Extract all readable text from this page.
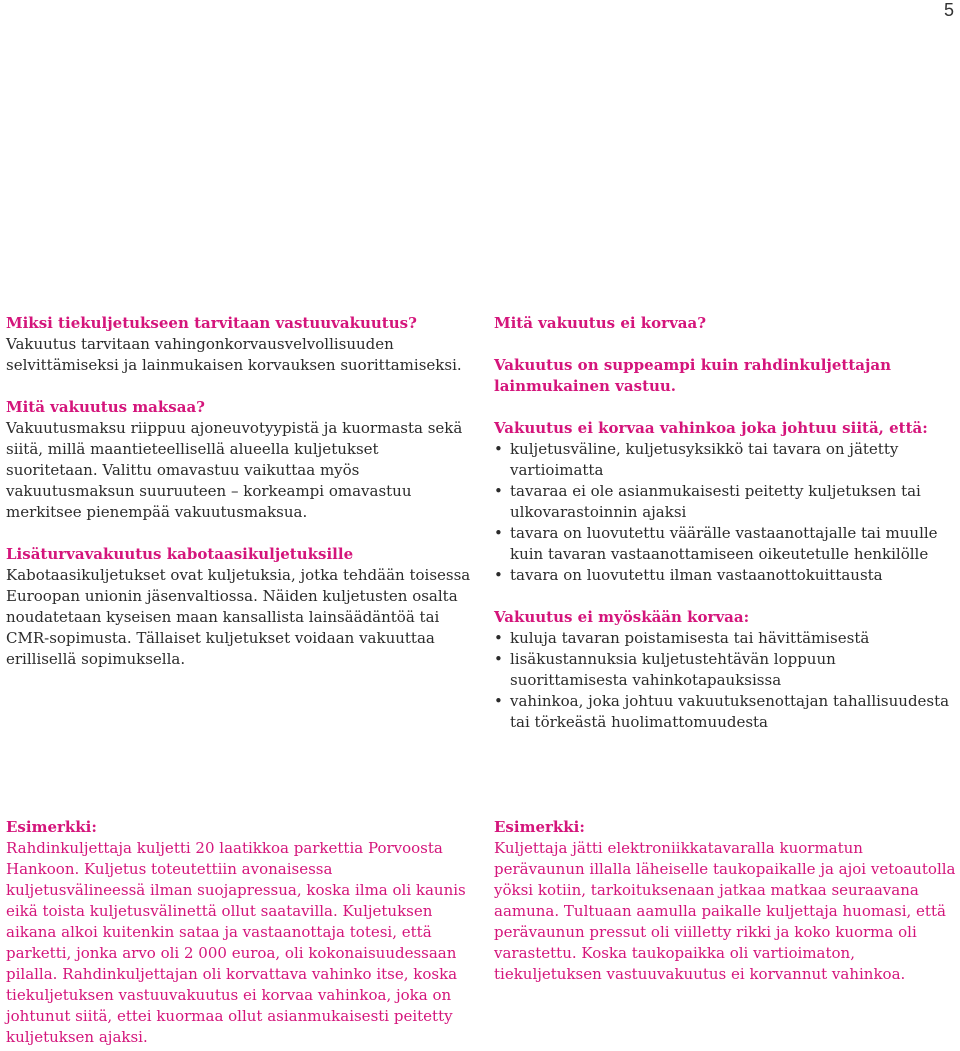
5
Miksi tiekuljetukseen tarvitaan vastuuvakuutus?

Vakuutus tarvitaan vahingonkorvausvelvollisuuden selvittämiseksi ja lainmukaisen korvauksen suorittamiseksi.

Mitä vakuutus maksaa?

Vakuutusmaksu riippuu ajoneuvotyypistä ja kuormasta sekä siitä, millä maantieteellisellä alueella kuljetukset suoritetaan. Valittu omavastuu vaikuttaa myös vakuutusmaksun suuruuteen – korkeampi omavastuu merkitsee pienempää vakuutusmaksua.

Lisäturvavakuutus kabotaasikuljetuksille

Kabotaasikuljetukset ovat kuljetuksia, jotka tehdään toisessa Euroopan unionin jäsenvaltiossa. Näiden kuljetusten osalta noudatetaan kyseisen maan kansallista lainsäädäntöä tai CMR-sopimusta. Tällaiset kuljetukset voidaan vakuuttaa erillisellä sopimuksella.

Mitä vakuutus ei korvaa?
Vakuutus on suppeampi kuin rahdinkuljettajan lainmukainen vastuu.
Vakuutus ei korvaa vahinkoa joka johtuu siitä, että:
• kuljetusväline, kuljetusyksikkö tai tavara on jätetty vartioimatta
• tavaraa ei ole asianmukaisesti peitetty kuljetuksen tai ulkovarastoinnin ajaksi
• tavara on luovutettu väärälle vastaanottajalle tai muulle kuin tavaran vastaanottamiseen oikeutetulle henkilölle
• tavara on luovutettu ilman vastaanottokuittausta
Vakuutus ei myöskään korvaa:
• kuluja tavaran poistamisesta tai hävittämisestä
• lisäkustannuksia kuljetustehtävän loppuun suorittamisesta vahinkotapauksissa
• vahinkoa, joka johtuu vakuutuksenottajan tahallisuudesta tai törkeästä huolimattomuudesta
Esimerkki:

Rahdinkuljettaja kuljetti 20 laatikkoa parkettia Porvoosta Hankoon. Kuljetus toteutettiin avonaisessa kuljetusvälineessä ilman suojapressua, koska ilma oli kaunis eikä toista kuljetusvälinettä ollut saatavilla. Kuljetuksen aikana alkoi kuitenkin sataa ja vastaanottaja totesi, että parketti, jonka arvo oli 2 000 euroa, oli kokonaisuudessaan pilalla. Rahdinkuljettajan oli korvattava vahinko itse, koska tiekuljetuksen vastuuvakuutus ei korvaa vahinkoa, joka on johtunut siitä, ettei kuormaa ollut asianmukaisesti peitetty kuljetuksen ajaksi.

Esimerkki:

Kuljettaja jätti elektroniikkatavaralla kuormatun perävaunun illalla läheiselle taukopaikalle ja ajoi vetoautolla yöksi kotiin, tarkoituksenaan jatkaa matkaa seuraavana aamuna. Tultuaan aamulla paikalle kuljettaja huomasi, että perävaunun pressut oli viilletty rikki ja koko kuorma oli varastettu. Koska taukopaikka oli vartioimaton, tiekuljetuksen vastuuvakuutus ei korvannut vahinkoa.
